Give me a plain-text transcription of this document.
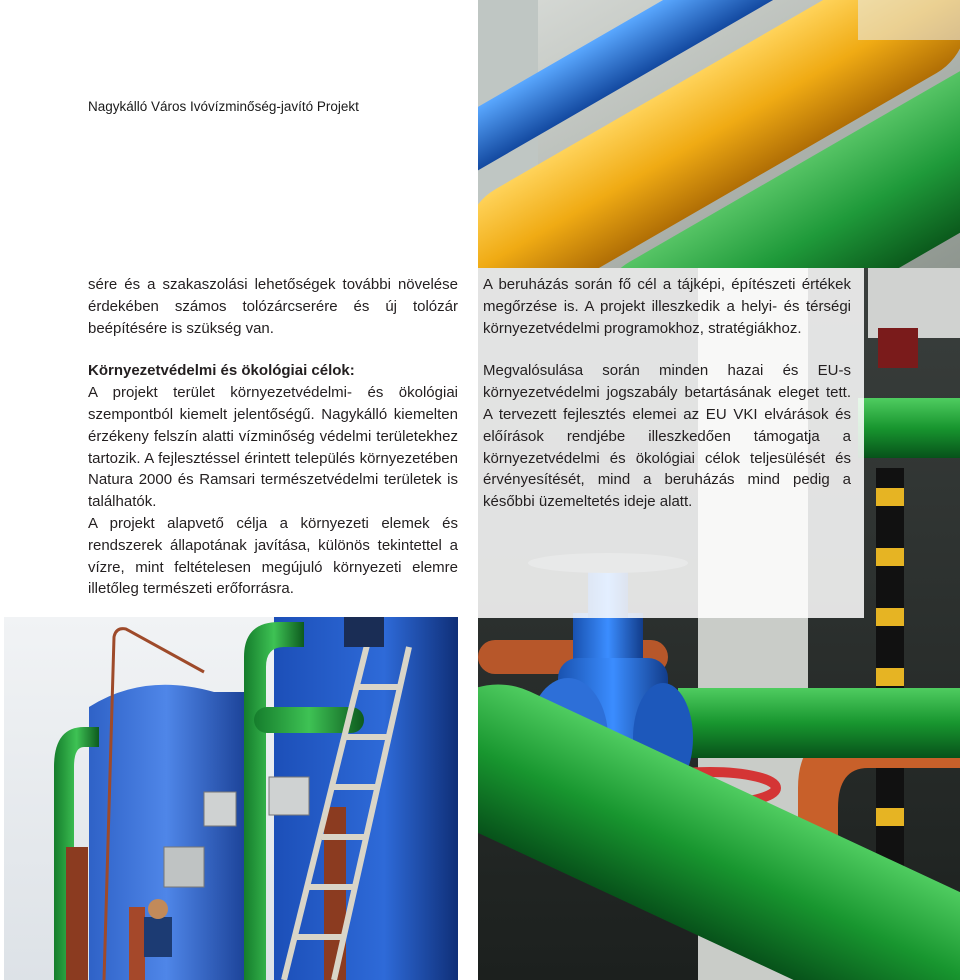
Nagykálló Város Ivóvízminőség-javító Projekt

sére és a szakaszolási lehetőségek további növelése érdekében számos tolózárcserére és új tolózár beépítésére is szükség van.

Környezetvédelmi és ökológiai célok:

A projekt terület környezetvédelmi- és ökológiai szempontból kiemelt jelentőségű. Nagykálló kiemelten érzékeny felszín alatti vízminőség védelmi területekhez tartozik. A fejlesztéssel érintett település környezetében Natura 2000 és Ramsari természetvédelmi területek is találhatók.

A projekt alapvető célja a környezeti elemek és rendszerek állapotának javítása, különös tekintettel a vízre, mint feltételesen megújuló környezeti elemre illetőleg természeti erőforrásra.

A beruházás során fő cél a tájképi, építészeti értékek megőrzése is. A projekt illeszkedik a helyi- és térségi környezetvédelmi programokhoz, stratégiákhoz.

Megvalósulása során minden hazai és EU-s környezetvédelmi jogszabály betartásának eleget tett. A tervezett fejlesztés elemei az EU VKI elvárások és előírások rendjébe illeszkedően támogatja a környezetvédelmi és ökológiai célok teljesülését és érvényesítését, mind a beruházás mind pedig a későbbi üzemeltetés ideje alatt.
